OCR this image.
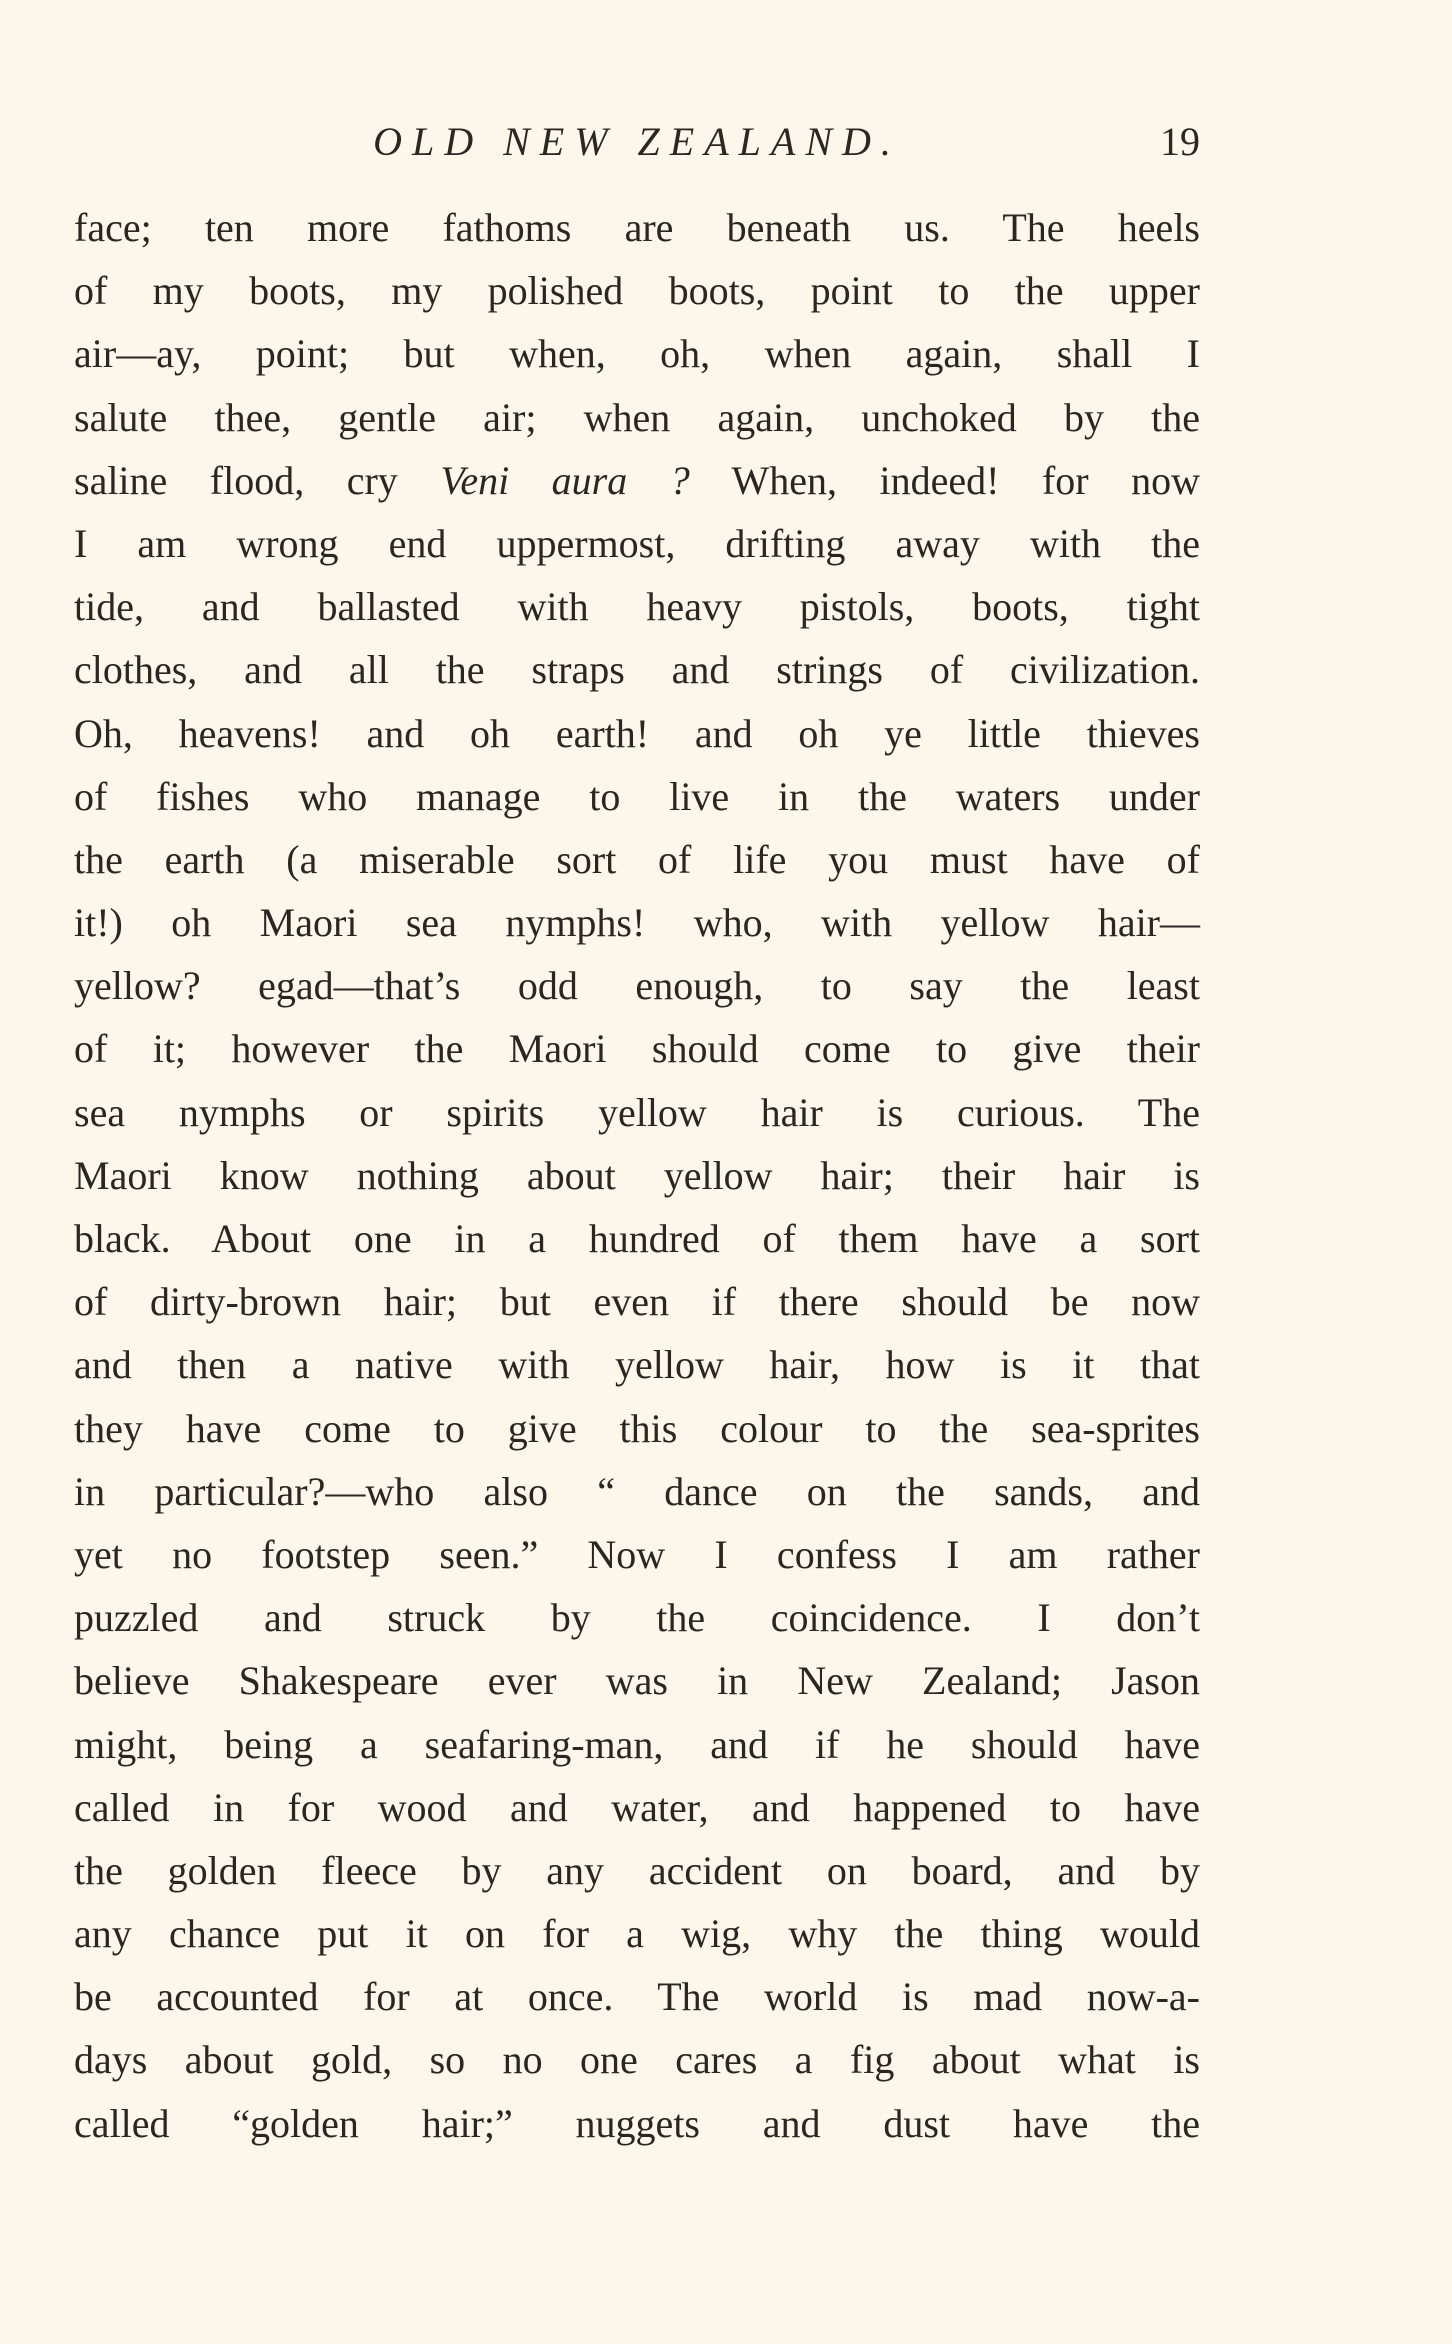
OLD NEW ZEALAND.	19
face; ten more fathoms are beneath us. The heels
of my boots, my polished boots, point to the upper
air—ay, point; but when, oh, when again, shall I
salute thee, gentle air; when again, unchoked by the
saline flood, cry Veni aura ? When, indeed! for now
I am wrong end uppermost, drifting away with the
tide, and ballasted with heavy pistols, boots, tight
clothes, and all the straps and strings of civilization.
Oh, heavens! and oh earth! and oh ye little thieves
of fishes who manage to live in the waters under
the earth (a miserable sort of life you must have of
it!) oh Maori sea nymphs! who, with yellow hair—
yellow? egad—that’s odd enough, to say the least
of it; however the Maori should come to give their
sea nymphs or spirits yellow hair is curious. The
Maori know nothing about yellow hair; their hair is
black. About one in a hundred of them have a sort
of dirty-brown hair; but even if there should be now
and then a native with yellow hair, how is it that
they have come to give this colour to the sea-sprites
in particular?—who also “ dance on the sands, and
yet no footstep seen.” Now I confess I am rather
puzzled and struck by the coincidence. I don’t
believe Shakespeare ever was in New Zealand; Jason
might, being a seafaring-man, and if he should have
called in for wood and water, and happened to have
the golden fleece by any accident on board, and by
any chance put it on for a wig, why the thing would
be accounted for at once. The world is mad now-a-
days about gold, so no one cares a fig about what is
called “golden hair;” nuggets and dust have the
